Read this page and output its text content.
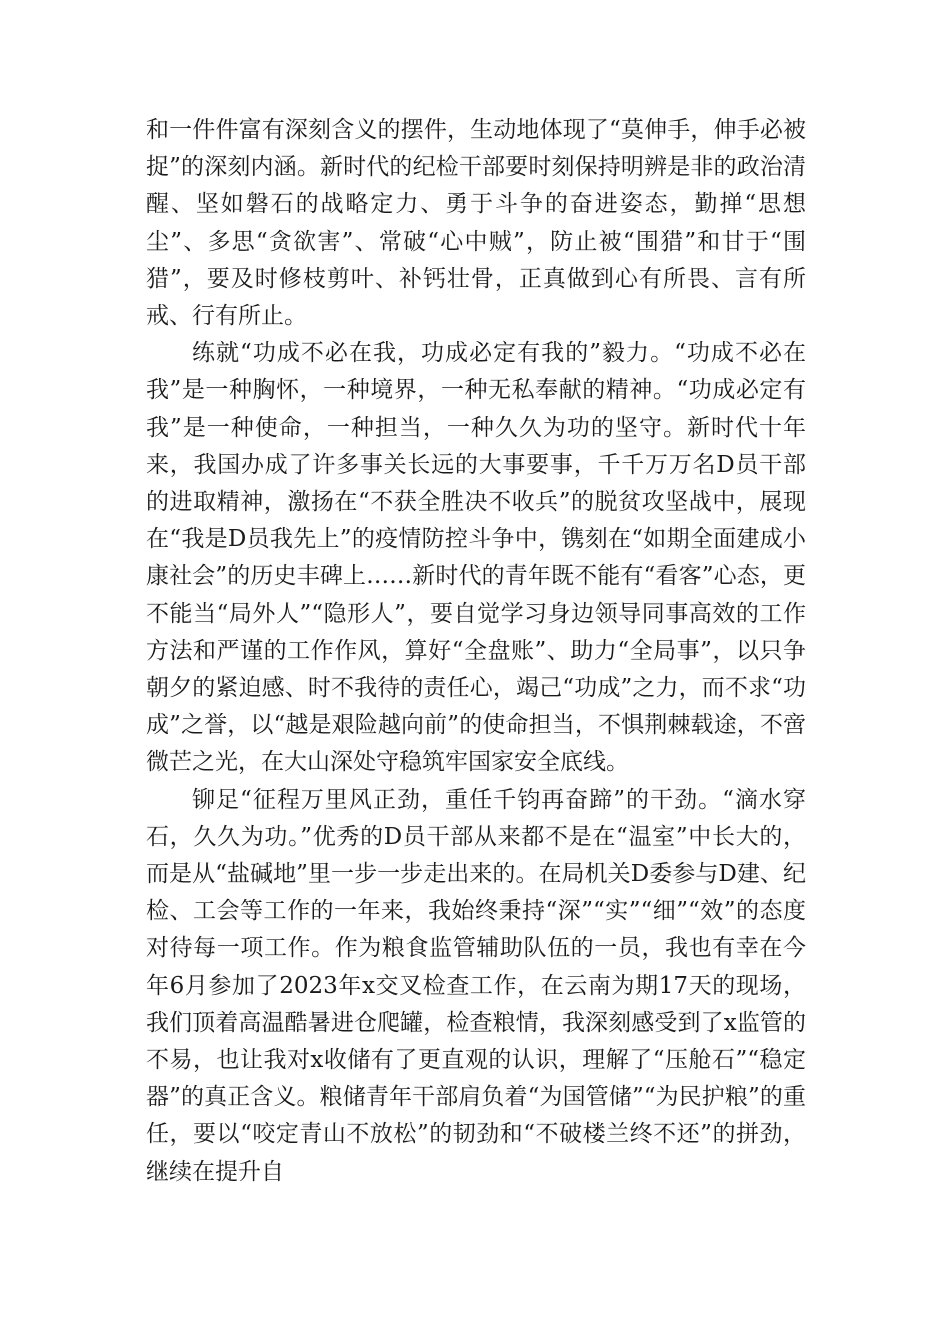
和一件件富有深刻含义的摆件，生动地体现了“莫伸手，伸手必被捉”的深刻内涵。新时代的纪检干部要时刻保持明辨是非的政治清醒、坚如磐石的战略定力、勇于斗争的奋进姿态，勤掸“思想尘”、多思“贪欲害”、常破“心中贼”，防止被“围猎”和甘于“围猎”，要及时修枝剪叶、补钙壮骨，正真做到心有所畏、言有所戒、行有所止。

练就“功成不必在我，功成必定有我的”毅力。“功成不必在我”是一种胸怀，一种境界，一种无私奉献的精神。“功成必定有我”是一种使命，一种担当，一种久久为功的坚守。新时代十年来，我国办成了许多事关长远的大事要事，千千万万名D员干部的进取精神，激扬在“不获全胜决不收兵”的脱贫攻坚战中，展现在“我是D员我先上”的疫情防控斗争中，镌刻在“如期全面建成小康社会”的历史丰碑上……新时代的青年既不能有“看客”心态，更不能当“局外人”“隐形人”，要自觉学习身边领导同事高效的工作方法和严谨的工作作风，算好“全盘账”、助力“全局事”，以只争朝夕的紧迫感、时不我待的责任心，竭己“功成”之力，而不求“功成”之誉，以“越是艰险越向前”的使命担当，不惧荆棘载途，不啻微芒之光，在大山深处守稳筑牢国家安全底线。

铆足“征程万里风正劲，重任千钧再奋蹄”的干劲。“滴水穿石，久久为功。”优秀的D员干部从来都不是在“温室”中长大的，而是从“盐碱地”里一步一步走出来的。在局机关D委参与D建、纪检、工会等工作的一年来，我始终秉持“深”“实”“细”“效”的态度对待每一项工作。作为粮食监管辅助队伍的一员，我也有幸在今年6月参加了2023年x交叉检查工作，在云南为期17天的现场，我们顶着高温酷暑进仓爬罐，检查粮情，我深刻感受到了x监管的不易，也让我对x收储有了更直观的认识，理解了“压舱石”“稳定器”的真正含义。粮储青年干部肩负着“为国管储”“为民护粮”的重任，要以“咬定青山不放松”的韧劲和“不破楼兰终不还”的拼劲，继续在提升自
